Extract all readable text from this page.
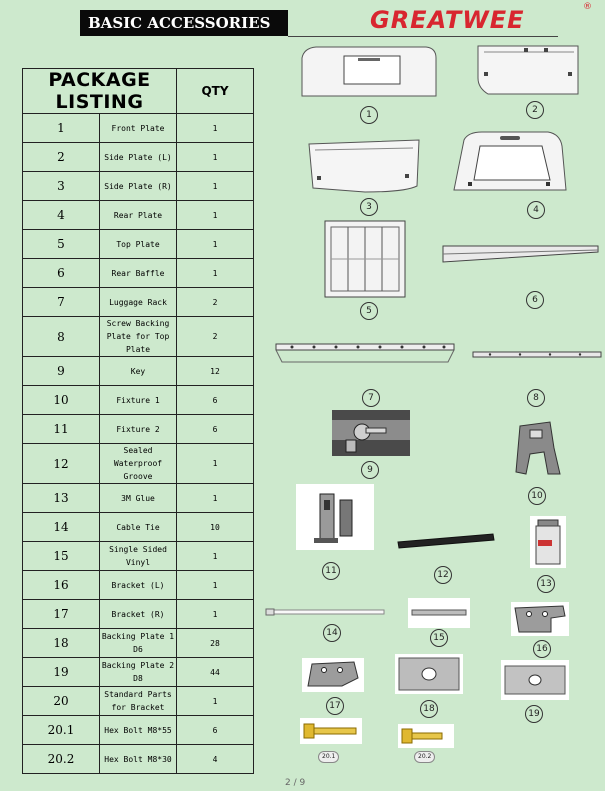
BASIC ACCESSORIES	GREATWEE	®
PACKAGE LISTING		QTY
1	Front Plate	1
2	Side Plate (L)	1
3	Side Plate (R)	1
4	Rear Plate	1
5	Top Plate	1
6	Rear Baffle	1
7	Luggage Rack	2
8	Screw Backing Plate for Top Plate	2
9	Key	12
10	Fixture 1	6
11	Fixture 2	6
12	Sealed Waterproof Groove	1
13	3M Glue	1
14	Cable Tie	10
15	Single Sided Vinyl	1
16	Bracket (L)	1
17	Bracket (R)	1
18	Backing Plate 1 D6	28
19	Backing Plate 2 D8	44
20	Standard Parts for Bracket	1
20.1	Hex Bolt M8*55	6
20.2	Hex Bolt M8*30	4
1	2
3	4
5
6
7	8
9
10
11	12
13
14	15
16
17	18	19
20.1	20.2
2 / 9
